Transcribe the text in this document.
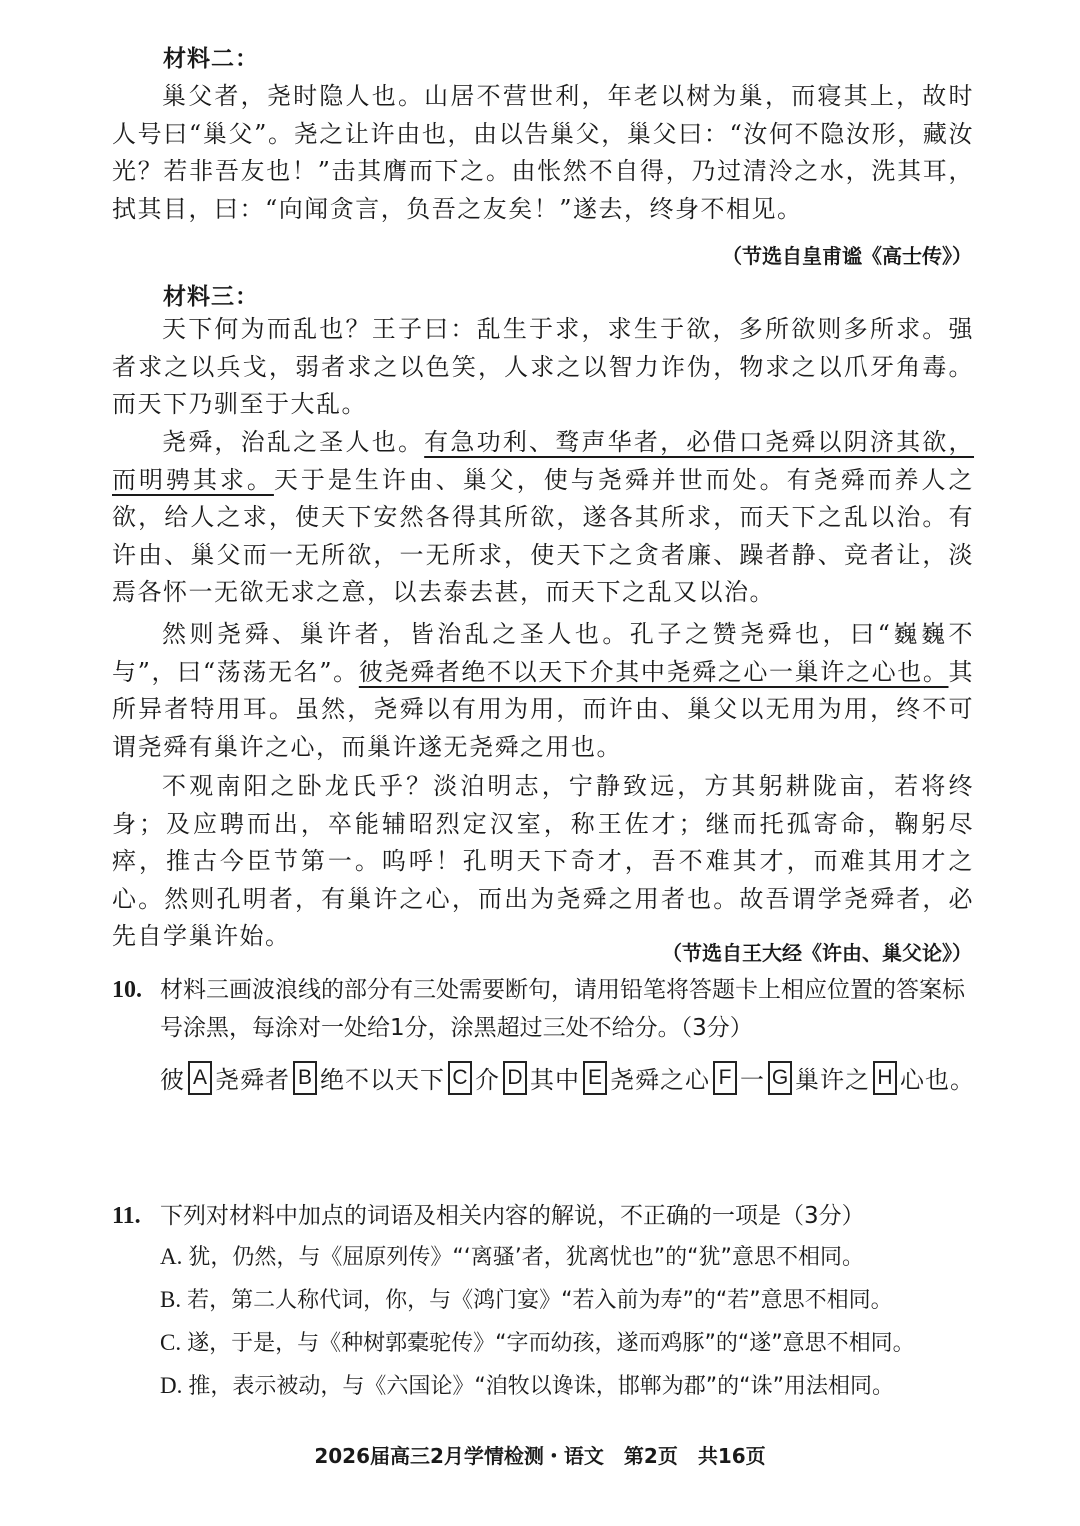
材料二：
巢父者，尧时隐人也。山居不营世利，年老以树为巢，而寝其上，故时人号曰“巢父”。尧之让许由也，由以告巢父，巢父曰：“汝何不隐汝形，藏汝光？若非吾友也！”击其膺而下之。由怅然不自得，乃过清泠之水，洗其耳，拭其目，曰：“向闻贪言，负吾之友矣！”遂去，终身不相见。
（节选自皇甫谧《高士传》）
材料三：
天下何为而乱也？王子曰：乱生于求，求生于欲，多所欲则多所求。强者求之以兵戈，弱者求之以色笑，人求之以智力诈伪，物求之以爪牙角毒。而天下乃驯至于大乱。
尧舜，治乱之圣人也。有急功利、骛声华者，必借口尧舜以阴济其欲，而明骋其求。天于是生许由、巢父，使与尧舜并世而处。有尧舜而养人之欲，给人之求，使天下安然各得其所欲，遂各其所求，而天下之乱以治。有许由、巢父而一无所欲，一无所求，使天下之贪者廉、躁者静、竞者让，淡焉各怀一无欲无求之意，以去泰去甚，而天下之乱又以治。
然则尧舜、巢许者，皆治乱之圣人也。孔子之赞尧舜也，曰“巍巍不与”，曰“荡荡无名”。彼尧舜者绝不以天下介其中尧舜之心一巢许之心也。其所异者特用耳。虽然，尧舜以有用为用，而许由、巢父以无用为用，终不可谓尧舜有巢许之心，而巢许遂无尧舜之用也。
不观南阳之卧龙氏乎？淡泊明志，宁静致远，方其躬耕陇亩，若将终身；及应聘而出，卒能辅昭烈定汉室，称王佐才；继而托孤寄命，鞠躬尽瘁，推古今臣节第一。呜呼！孔明天下奇才，吾不难其才，而难其用才之心。然则孔明者，有巢许之心，而出为尧舜之用者也。故吾谓学尧舜者，必先自学巢许始。
（节选自王大经《许由、巢父论》）
10. 材料三画波浪线的部分有三处需要断句，请用铅笔将答题卡上相应位置的答案标号涂黑，每涂对一处给1分，涂黑超过三处不给分。（3分）
彼 A 尧舜者 B 绝不以天下 C 介 D 其中 E 尧舜之心 F 一 G 巢许之 H 心也。
11. 下列对材料中加点的词语及相关内容的解说，不正确的一项是（3分）
A. 犹，仍然，与《屈原列传》“‘离骚’者，犹离忧也”的“犹”意思不相同。
B. 若，第二人称代词，你，与《鸿门宴》“若入前为寿”的“若”意思不相同。
C. 遂，于是，与《种树郭橐驼传》“字而幼孩，遂而鸡豚”的“遂”意思不相同。
D. 推，表示被动，与《六国论》“洎牧以谗诛，邯郸为郡”的“诛”用法相同。
2026届高三2月学情检测・语文　第2页　共16页
